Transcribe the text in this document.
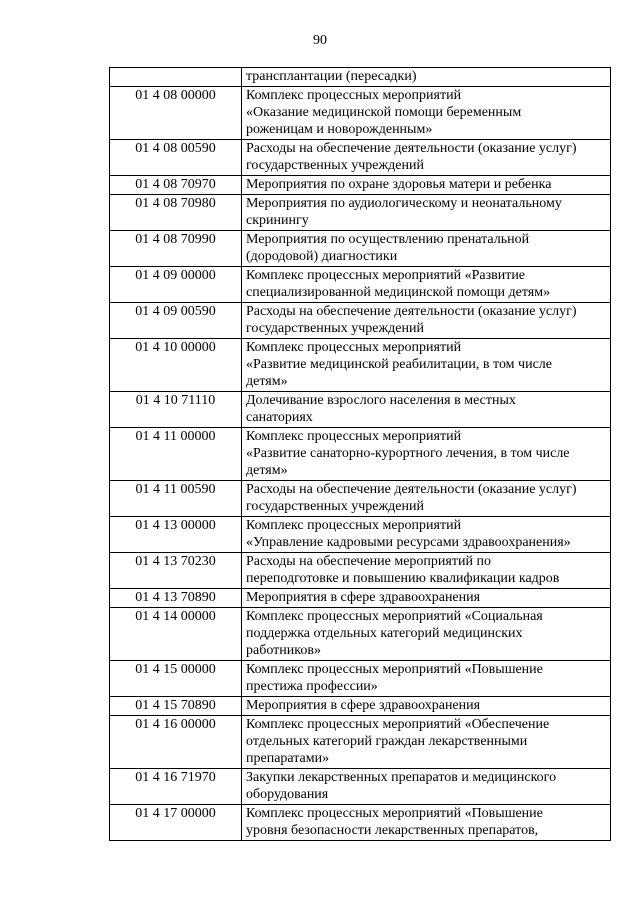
90

	трансплантации (пересадки)

01 4 08 00000	Комплекс процессных мероприятий
«Оказание медицинской помощи беременным
роженицам и новорожденным»

01 4 08 00590	Расходы на обеспечение деятельности (оказание услуг)
государственных учреждений

01 4 08 70970	Мероприятия по охране здоровья матери и ребенка

01 4 08 70980	Мероприятия по аудиологическому и неонатальному
скринингу

01 4 08 70990	Мероприятия по осуществлению пренатальной
(дородовой) диагностики

01 4 09 00000	Комплекс процессных мероприятий «Развитие
специализированной медицинской помощи детям»

01 4 09 00590	Расходы на обеспечение деятельности (оказание услуг)
государственных учреждений

01 4 10 00000	Комплекс процессных мероприятий
«Развитие медицинской реабилитации, в том числе
детям»

01 4 10 71110	Долечивание взрослого населения в местных
санаториях

01 4 11 00000	Комплекс процессных мероприятий
«Развитие санаторно-курортного лечения, в том числе
детям»

01 4 11 00590	Расходы на обеспечение деятельности (оказание услуг)
государственных учреждений

01 4 13 00000	Комплекс процессных мероприятий
«Управление кадровыми ресурсами здравоохранения»

01 4 13 70230	Расходы на обеспечение мероприятий по
переподготовке и повышению квалификации кадров

01 4 13 70890	Мероприятия в сфере здравоохранения

01 4 14 00000	Комплекс процессных мероприятий «Социальная
поддержка отдельных категорий медицинских
работников»

01 4 15 00000	Комплекс процессных мероприятий «Повышение
престижа профессии»

01 4 15 70890	Мероприятия в сфере здравоохранения

01 4 16 00000	Комплекс процессных мероприятий «Обеспечение
отдельных категорий граждан лекарственными
препаратами»

01 4 16 71970	Закупки лекарственных препаратов и медицинского
оборудования

01 4 17 00000	Комплекс процессных мероприятий «Повышение
уровня безопасности лекарственных препаратов,
